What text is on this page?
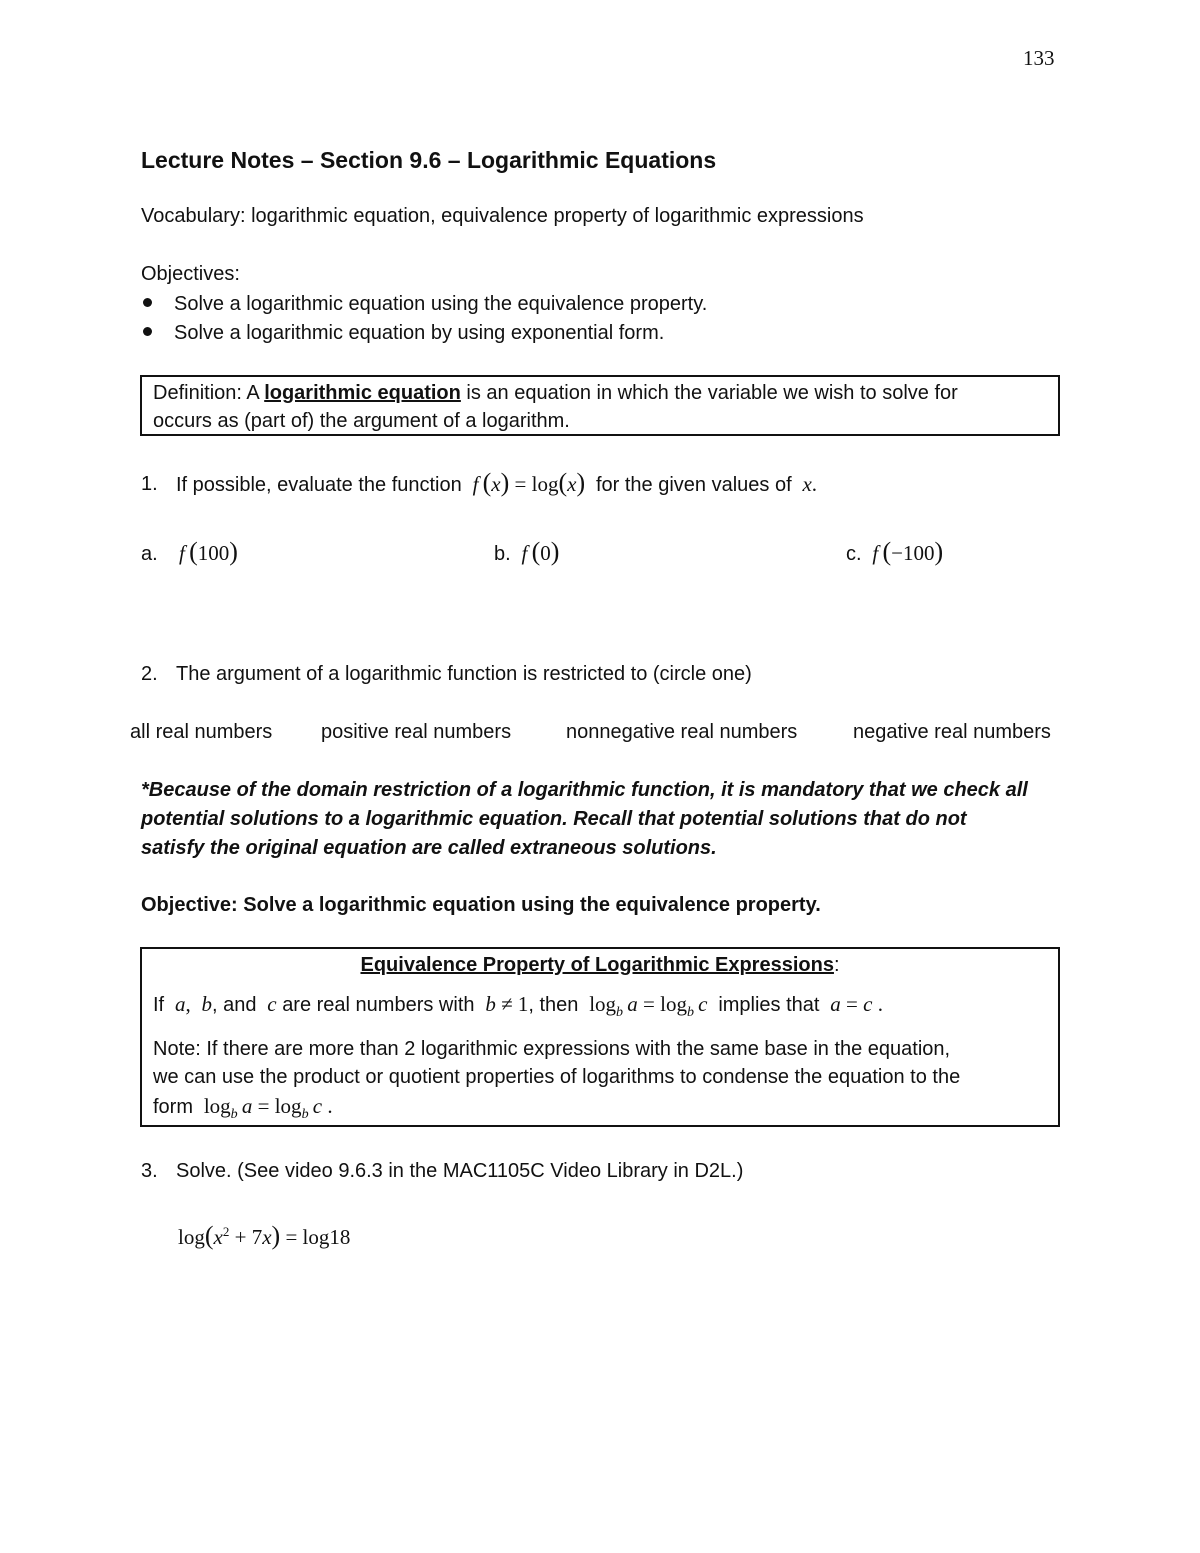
133
Lecture Notes – Section 9.6 – Logarithmic Equations
Vocabulary: logarithmic equation, equivalence property of logarithmic expressions
Objectives:
Solve a logarithmic equation using the equivalence property.
Solve a logarithmic equation by using exponential form.
Definition: A logarithmic equation is an equation in which the variable we wish to solve for
occurs as (part of) the argument of a logarithm.
1. If possible, evaluate the function f  (x) = log(x) for the given values of  x.
a. f  (100)	b. f  (0)	c. f  (−100)
2. The argument of a logarithmic function is restricted to (circle one)
all real numbers positive real numbers	nonnegative real numbers	negative real numbers
*Because of the domain restriction of a logarithmic function, it is mandatory that we check all
potential solutions to a logarithmic equation. Recall that potential solutions that do not
satisfy the original equation are called extraneous solutions.
Objective: Solve a logarithmic equation using the equivalence property.
Equivalence Property of Logarithmic Expressions:
If  a,  b, and  c are real numbers with b ≠ 1, then  $\log_b a = \log_b c$ implies that a = c .
Note: If there are more than 2 logarithmic expressions with the same base in the equation,
we can use the product or quotient properties of logarithms to condense the equation to the
form  $\log_b a = \log_b c$ .
3. Solve. (See video 9.6.3 in the MAC1105C Video Library in D2L.)
$\log(x^2 + 7x) = \log 18$
